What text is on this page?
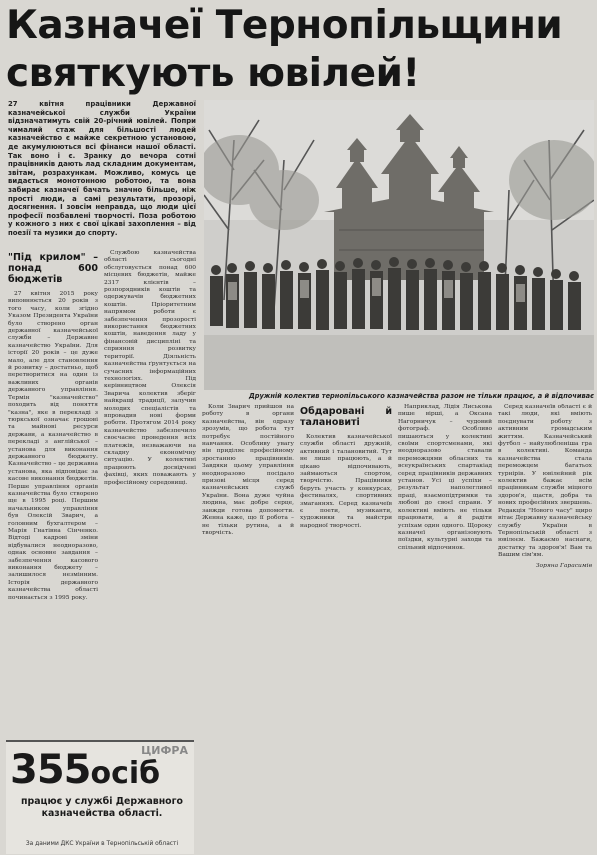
Казначеї Тернопільщини
святкують ювілей!
27 квітня працівники Державної казначейської служби України відзначатимуть свій 20-річний ювілей. Попри чималий стаж для більшості людей казначейство є майже секретною установою, де акумулюються всі фінанси нашої області. Так воно і є. Зранку до вечора сотні працівників дають лад складним документам, звітам, розрахункам. Можливо, комусь це видається монотонною роботою, та вона забирає казначеї бачать значно більше, ніж простi люди, а самі результати, прозорі, досягнення. І зовсім неправда, що люди цієї професії позбавлені творчості. Поза роботою у кожного з них є свої цікаві захоплення – від поезії та музики до спорту.
Дружній колектив тернопільського казначейства разом не тільки працює, а й відпочиває
"Під крилом" – понад 600 бюджетів

27 квітня 2015 року виповнюється 20 років з того часу, коли згідно Указом Президента України було створено орган державної казначейської служби – Державне казначейство України. Для історії 20 років – це дуже мало, але для становлення й розвитку – достатньо, щоб перетворитися на один із важливих органів державного управління. Термін "казначейство" походить від поняття "казна", яке в перекладі з тюркської означає грошові та майнові ресурси держави, а казначейство в перекладі з англійської – установа для виконання державного бюджету. Казначейство – це державна установа, яка відповідає за касове виконання бюджетів. Перше управління органів казначейства було створено ще в 1995 році. Першим начальником управління був Олексій Зварич, а головним бухгалтером – Марія Гнатівна Сінченко. Відтоді кадрові зміни відбувалися неодноразово, однак основне завдання – забезпечення касового виконання бюджету – залишилося незмінним. Історія державного казначейства області починається з 1995 року.

Службою казначейства області сьогодні обслуговується понад 600 місцевих бюджетів, майже 2317 клієнтів – розпорядників коштів та одержувачів бюджетних коштів. Пріоритетним напрямом роботи є забезпечення прозорості використання бюджетних коштів, наведення ладу у фінансовій дисципліні та сприяння розвитку території. Діяльність казначейства ґрунтується на сучасних інформаційних технологіях. Під керівництвом Олексія Зварича колектив зберіг найкращі традиції, залучив молодих спеціалістів та впровадив нові форми роботи. Протягом 2014 року казначейство забезпечило своєчасне проведення всіх платежів, незважаючи на складну економічну ситуацію. У колективі працюють досвідчені фахівці, яких поважають у професійному середовищі.

Коли Зварич прийшов на роботу в органи казначейства, він одразу зрозумів, що робота тут потребує постійного навчання. Особливу увагу він приділяє професійному зростанню працівників. Завдяки цьому управління неодноразово посідало призові місця серед казначейських служб України. Вона дуже чуйна людина, має добре серце, завжди готова допомогти. Женна каже, що її робота – не тільки рутина, а й творчість.

Обдаровані й талановиті

Колектив казначейської служби області дружній, активний і талановитий. Тут не лише працюють, а й цікаво відпочивають, займаються спортом, творчістю. Працівники беруть участь у конкурсах, фестивалях, спортивних змаганнях. Серед казначеїв є поети, музиканти, художники та майстри народної творчості.

Наприклад, Лідія Лиськова пише вірші, а Оксана Нагорничук – чудовий фотограф. Особливо пишаються у колективі своїми спортсменами, які неодноразово ставали переможцями обласних та всеукраїнських спартакіад серед працівників державних установ. Усі ці успіхи – результат наполегливої праці, взаємопідтримки та любові до своєї справи. У колективі вміють не тільки працювати, а й радіти успіхам один одного. Щороку казначеї організовують поїздки, культурні заходи та спільний відпочинок.

Серед казначеїв області є й такі люди, які вміють поєднувати роботу з активним громадським життям. Казначейський футбол – найулюбленіша гра в колективі. Команда казначейства стала переможцем багатьох турнірів. У ювілейний рік колектив бажає всім працівникам служби міцного здоров'я, щастя, добра та нових професійних звершень. Редакція "Нового часу" щиро вітає Державну казначейську службу України в Тернопільській області з ювілеєм. Бажаємо наснаги, достатку та здоров'я! Вам та Вашим сім'ям.

Зоряна Гарасимів
ЦИФРА
355осіб
працює у службі Державного казначейства області.
За даними ДКС України в Тернопільській області
